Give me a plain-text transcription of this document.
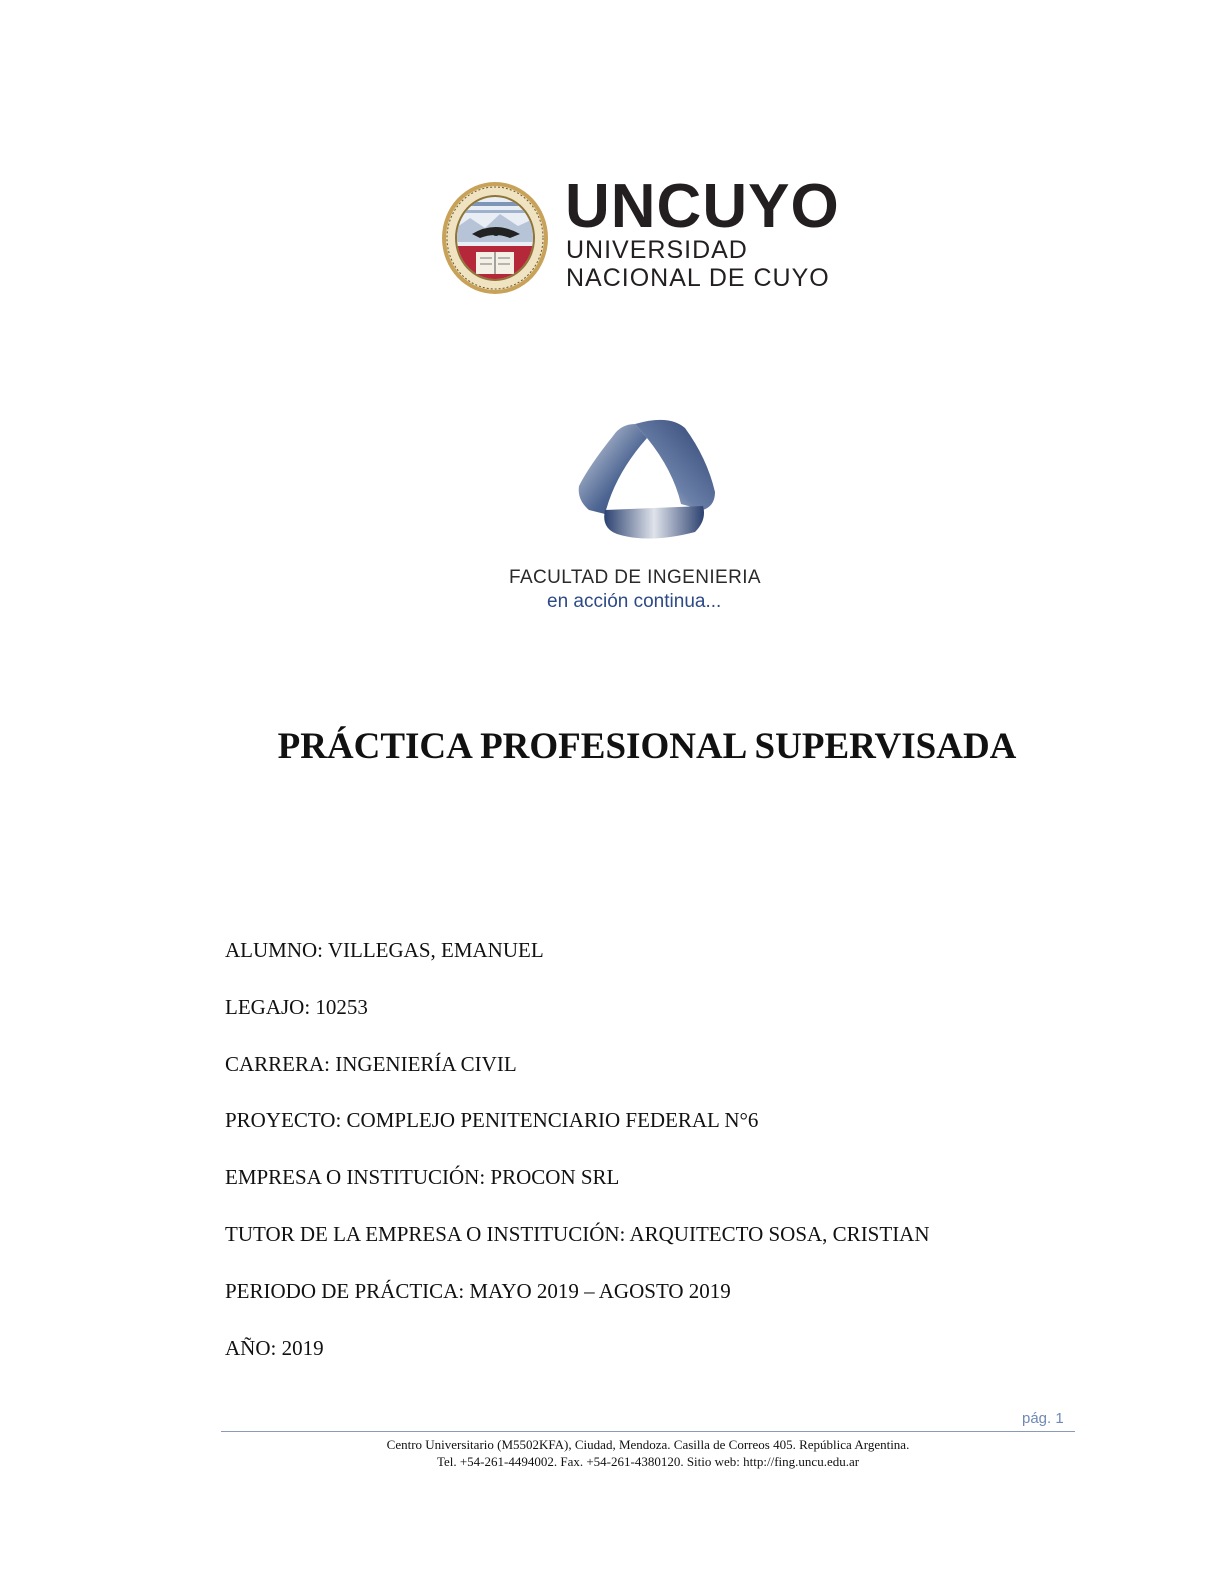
UNCUYO
UNIVERSIDAD
NACIONAL DE CUYO
FACULTAD DE INGENIERIA
en acción continua...
PRÁCTICA PROFESIONAL SUPERVISADA
ALUMNO: VILLEGAS, EMANUEL
LEGAJO: 10253
CARRERA: INGENIERÍA CIVIL
PROYECTO: COMPLEJO PENITENCIARIO FEDERAL N°6
EMPRESA O INSTITUCIÓN: PROCON SRL
TUTOR DE LA EMPRESA O INSTITUCIÓN: ARQUITECTO SOSA, CRISTIAN
PERIODO DE PRÁCTICA: MAYO 2019 – AGOSTO 2019
AÑO: 2019
pág. 1
Centro Universitario (M5502KFA), Ciudad, Mendoza. Casilla de Correos 405. República Argentina.
Tel. +54-261-4494002. Fax. +54-261-4380120. Sitio web: http://fing.uncu.edu.ar
